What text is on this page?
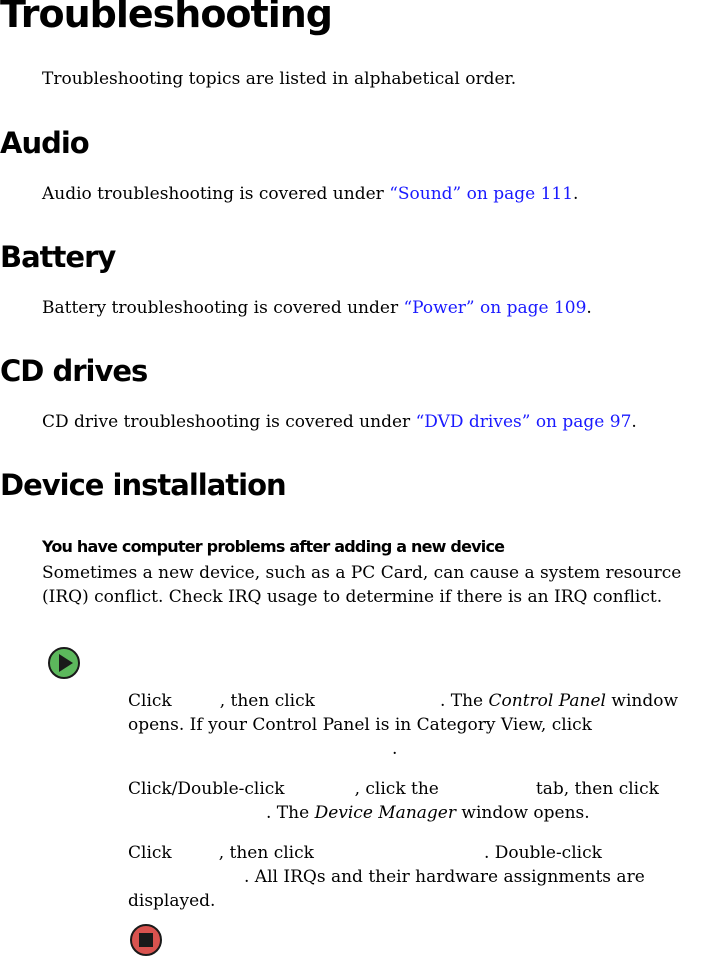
Troubleshooting

Troubleshooting topics are listed in alphabetical order.

Audio

Audio troubleshooting is covered under “Sound” on page 111.

Battery

Battery troubleshooting is covered under “Power” on page 109.

CD drives

CD drive troubleshooting is covered under “DVD drives” on page 97.

Device installation
You have computer problems after adding a new device
Sometimes a new device, such as a PC Card, can cause a system resource
(IRQ) conflict. Check IRQ usage to determine if there is an IRQ conflict.
Click	, then click	. The Control Panel window
opens. If your Control Panel is in Category View, click
.
Click/Double-click	, click the	tab, then click
. The Device Manager window opens.
Click	, then click	. Double-click
. All IRQs and their hardware assignments are
displayed.
